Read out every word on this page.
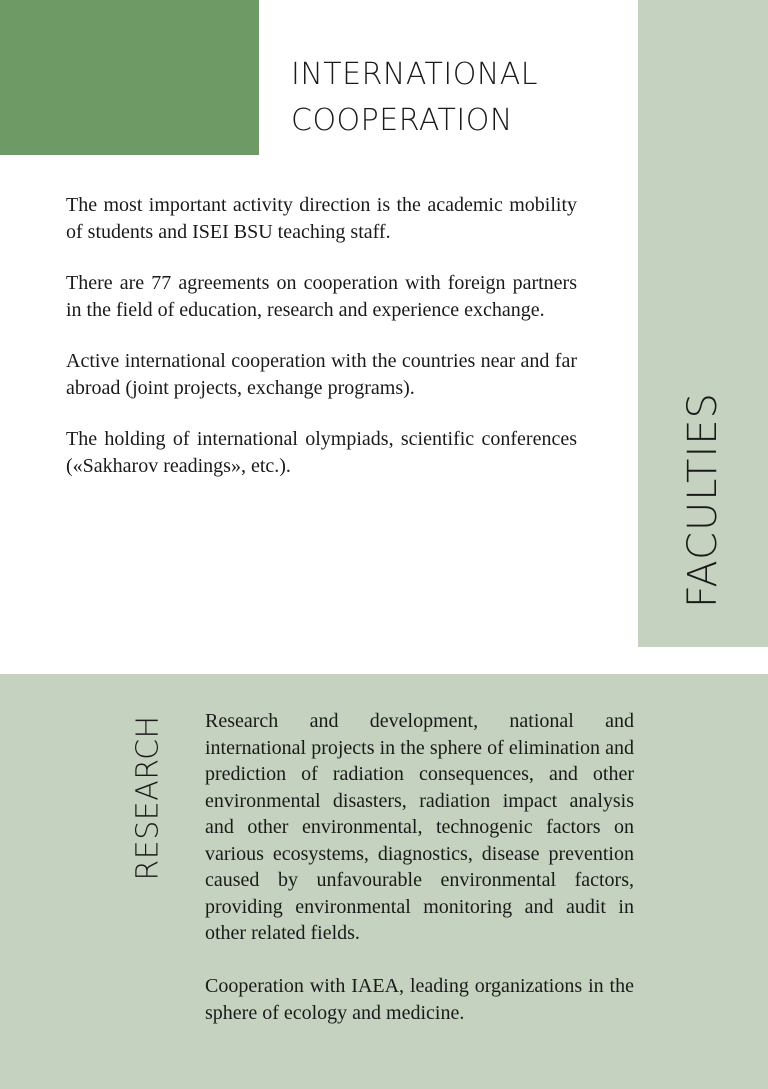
INTERNATIONAL
COOPERATION
FACULTIES

The most important activity direction is the academic mobility of students and ISEI BSU teaching staff.

There are 77 agreements on cooperation with foreign partners in the field of education, research and experience exchange.

Active international cooperation with the countries near and far abroad (joint projects, exchange programs).

The holding of international olympiads, scientific conferences («Sakharov readings», etc.).

RESEARCH Research and development, national and international projects in the sphere of elimination and prediction of radiation consequences, and other environmental disasters, radiation impact analysis and other environmental, technogenic factors on various ecosystems, diagnostics, disease prevention caused by unfavourable environmental factors, providing environmental monitoring and audit in other related fields.

Cooperation with IAEA, leading organizations in the sphere of ecology and medicine.
